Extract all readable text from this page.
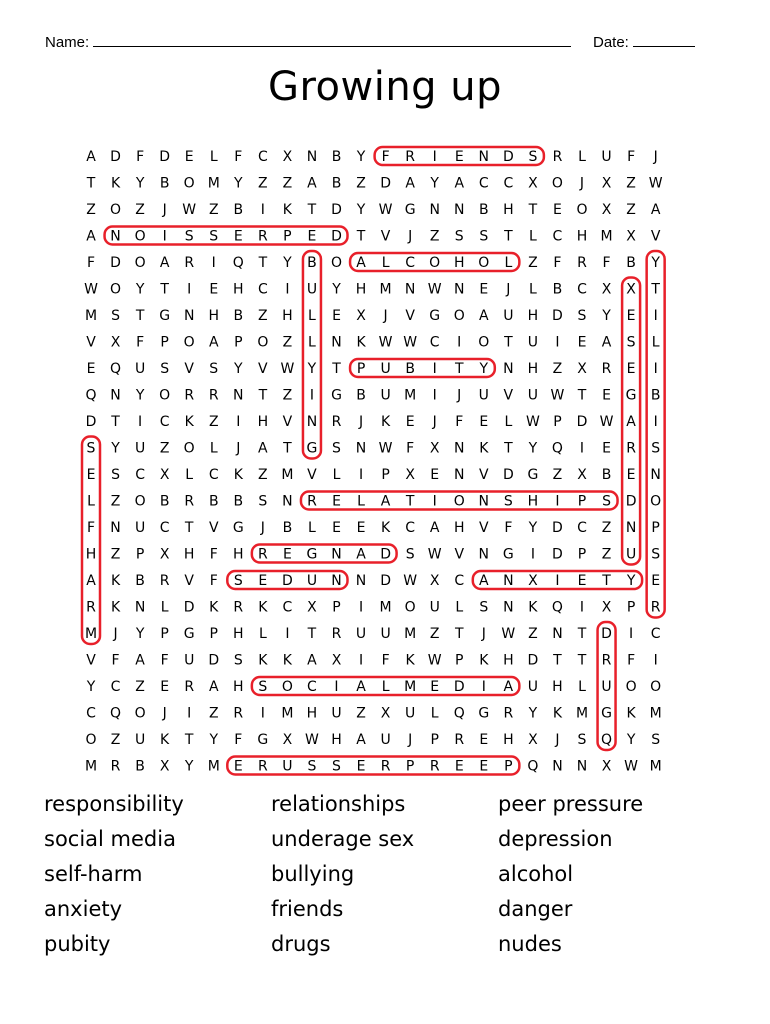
Name:	Date:
Growing up
A D F D E L F C X N B Y F R I E N D S R L U F J
T K Y B O M Y Z Z A B Z D A Y A C C X O J X Z W
Z O Z J W Z B I K T D Y W G N N B H T E O X Z A
A N O I S S E R P E D T V J Z S S T L C H M X V
F D O A R I Q T Y B O A L C O H O L Z F R F B Y
W O Y T I E H C I U Y H M N W N E J L B C X X T
M S T G N H B Z H L E X J V G O A U H D S Y E I
V X F P O A P O Z L N K W W C I O T U I E A S L
E Q U S V S Y V W Y T P U B I T Y N H Z X R E I
Q N Y O R R N T Z I G B U M I J U V U W T E G B
D T I C K Z I H V N R J K E J F E L W P D W A I
S Y U Z O L J A T G S N W F X N K T Y Q I E R S
E S C X L C K Z M V L I P X E N V D G Z X B E N
L Z O B R B B S N R E L A T I O N S H I P S D O
F N U C T V G J B L E E K C A H V F Y D C Z N P
H Z P X H F H R E G N A D S W V N G I D P Z U S
A K B R V F S E D U N N D W X C A N X I E T Y E
R K N L D K R K C X P I M O U L S N K Q I X P R
M J Y P G P H L I T R U U M Z T J W Z N T D I C
V F A F U D S K K A X I F K W P K H D T T R F I
Y C Z E R A H S O C I A L M E D I A U H L U O O
C Q O J I Z R I M H U Z X U L Q G R Y K M G K M
O Z U K T Y F G X W H A U J P R E H X J S Q Y S
M R B X Y M E R U S S E R P R E E P Q N N X W M
responsibility	relationships	peer pressure
social media	underage sex	depression
self-harm	bullying	alcohol
anxiety	friends	danger
pubity	drugs	nudes
